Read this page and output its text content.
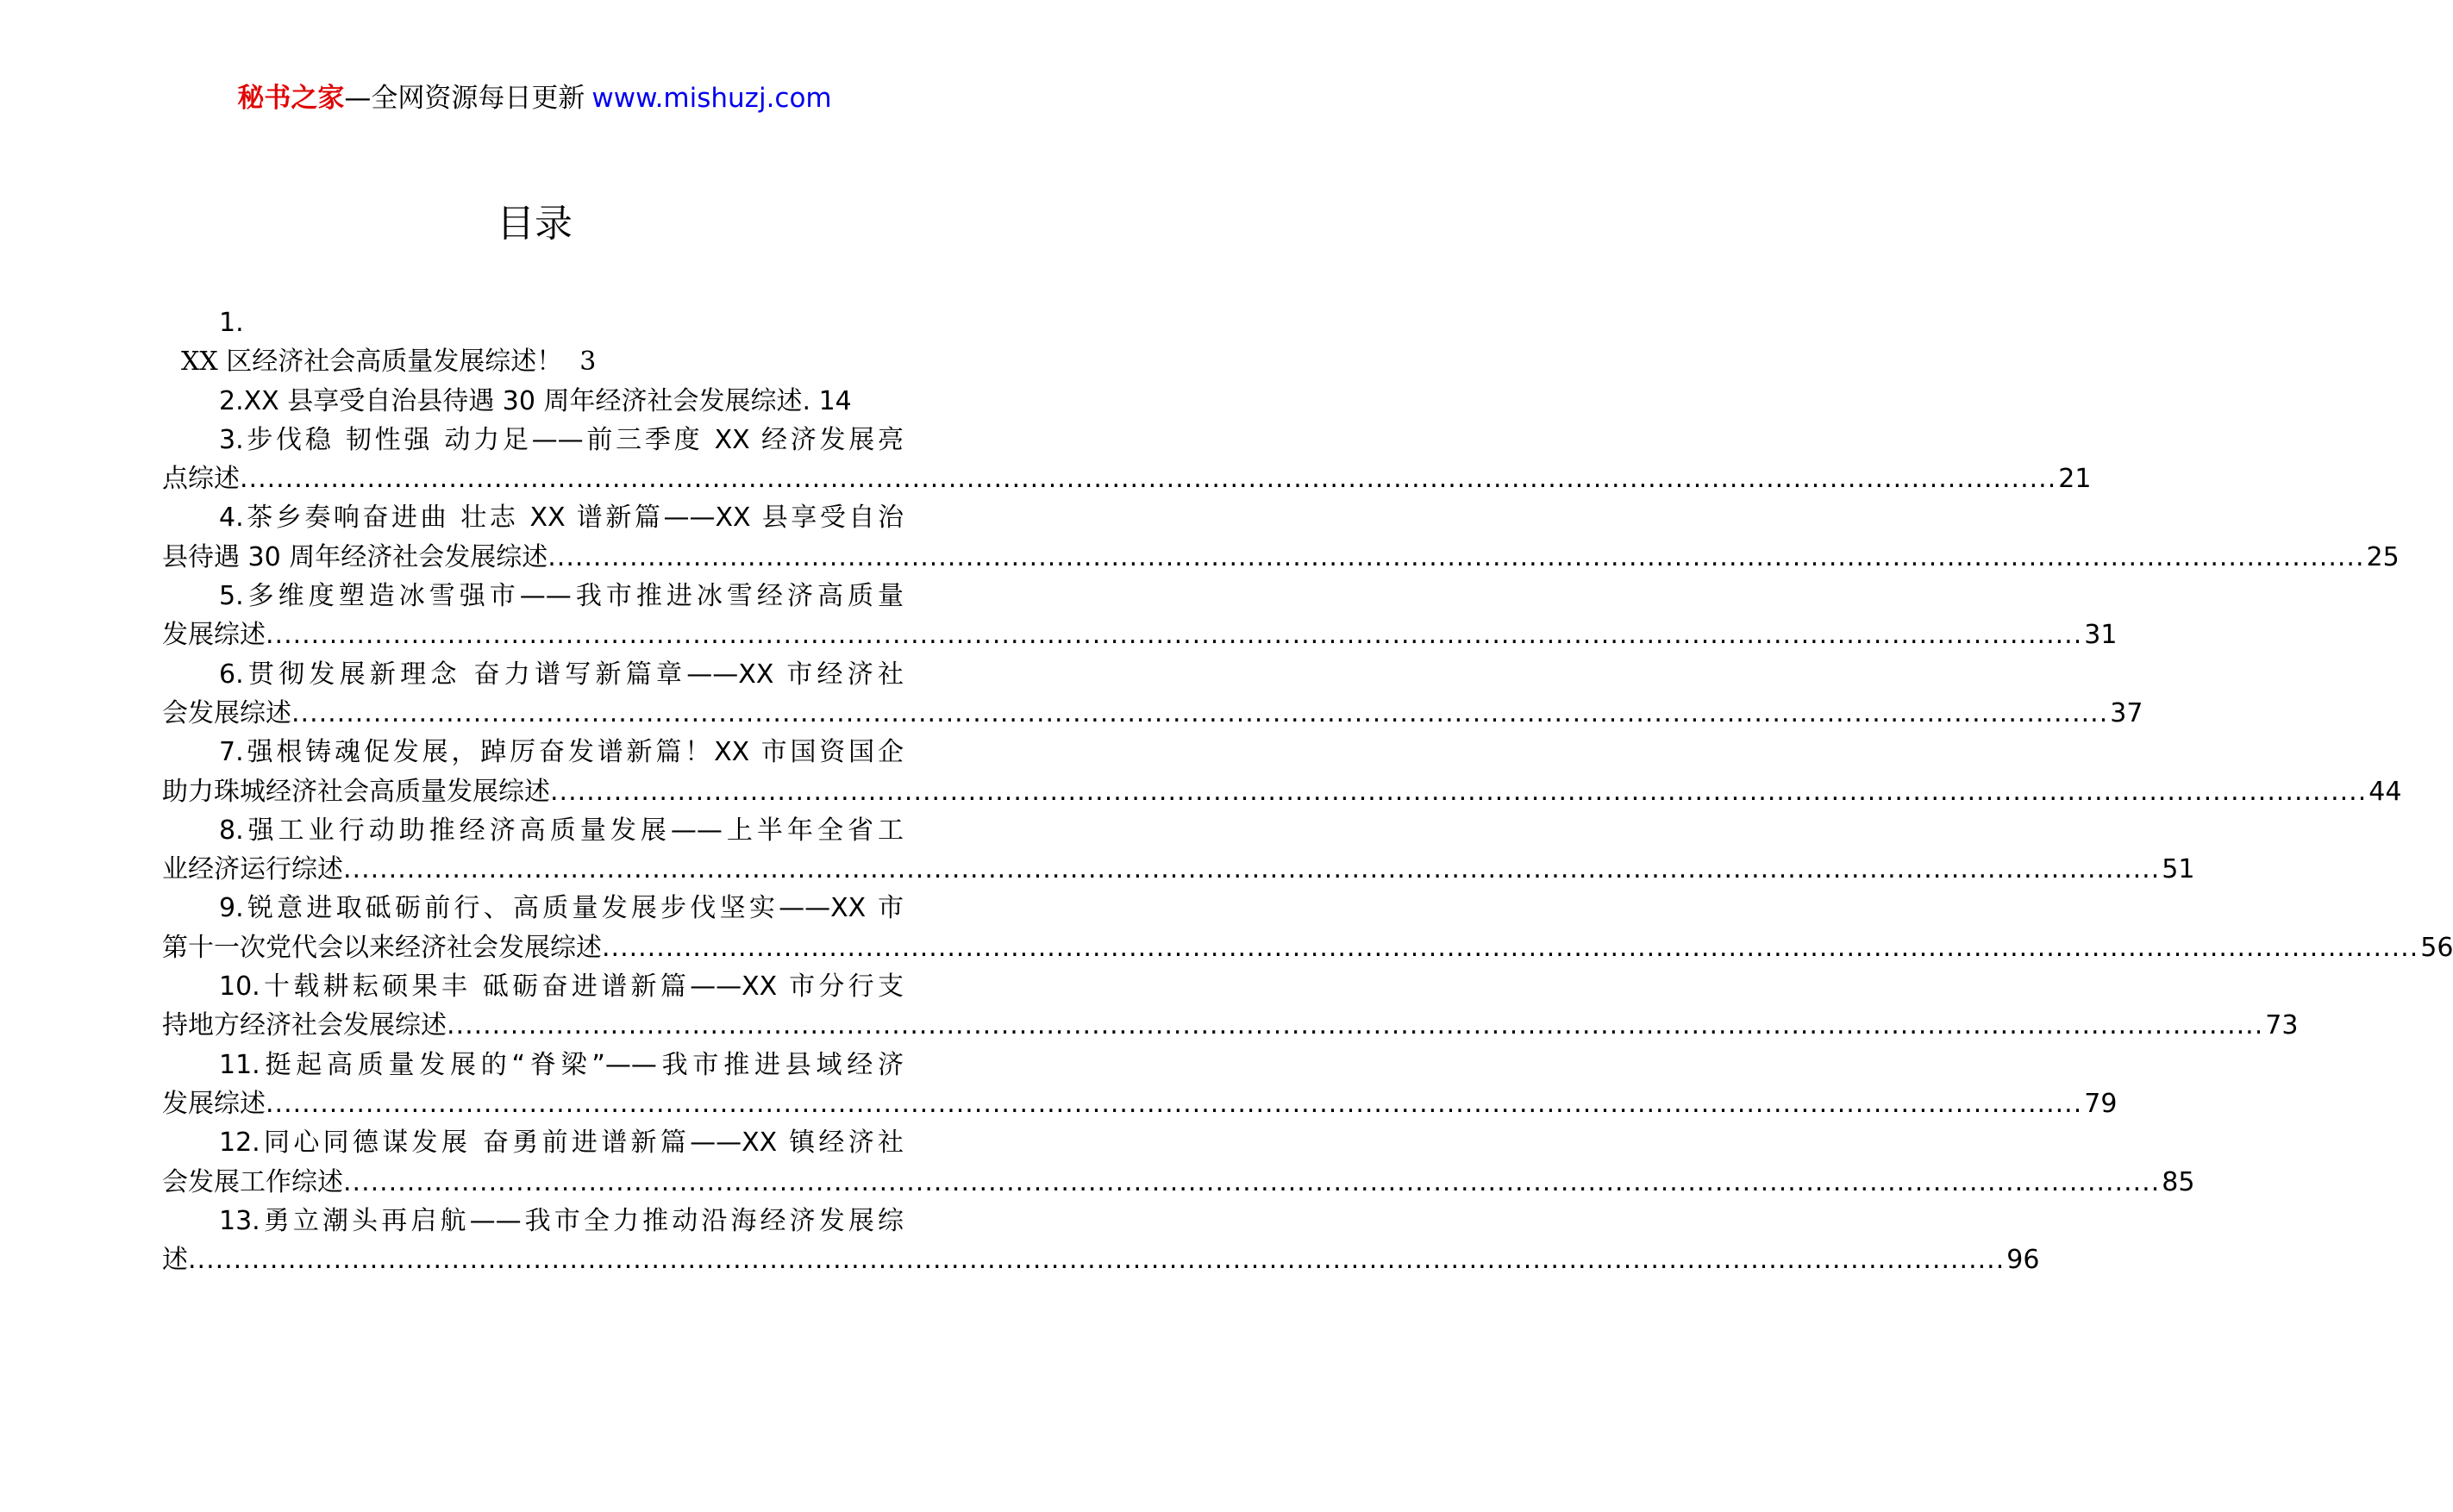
秘书之家—全网资源每日更新 www.mishuzj.com
目录
1.
XX 区经济社会高质量发展综述！ 3
2.XX 县享受自治县待遇 30 周年经济社会发展综述. 14
3.步伐稳 韧性强 动力足——前三季度 XX 经济发展亮
点综述 ........................................................................................................................................................................................................ 21
4.茶乡奏响奋进曲 壮志 XX 谱新篇——XX 县享受自治
县待遇 30 周年经济社会发展综述 ........................................................................................................................................................................................................ 25
5.多维度塑造冰雪强市——我市推进冰雪经济高质量
发展综述 ........................................................................................................................................................................................................ 31
6.贯彻发展新理念 奋力谱写新篇章——XX 市经济社
会发展综述 ........................................................................................................................................................................................................ 37
7.强根铸魂促发展，踔厉奋发谱新篇！XX 市国资国企
助力珠城经济社会高质量发展综述 ........................................................................................................................................................................................................ 44
8.强工业行动助推经济高质量发展——上半年全省工
业经济运行综述 ........................................................................................................................................................................................................ 51
9.锐意进取砥砺前行、高质量发展步伐坚实——XX 市
第十一次党代会以来经济社会发展综述 ........................................................................................................................................................................................................ 56
10.十载耕耘硕果丰 砥砺奋进谱新篇——XX 市分行支
持地方经济社会发展综述 ........................................................................................................................................................................................................ 73
11.挺起高质量发展的“脊梁”——我市推进县域经济
发展综述 ........................................................................................................................................................................................................ 79
12.同心同德谋发展 奋勇前进谱新篇——XX 镇经济社
会发展工作综述 ........................................................................................................................................................................................................ 85
13.勇立潮头再启航——我市全力推动沿海经济发展综
述 ........................................................................................................................................................................................................ 96
